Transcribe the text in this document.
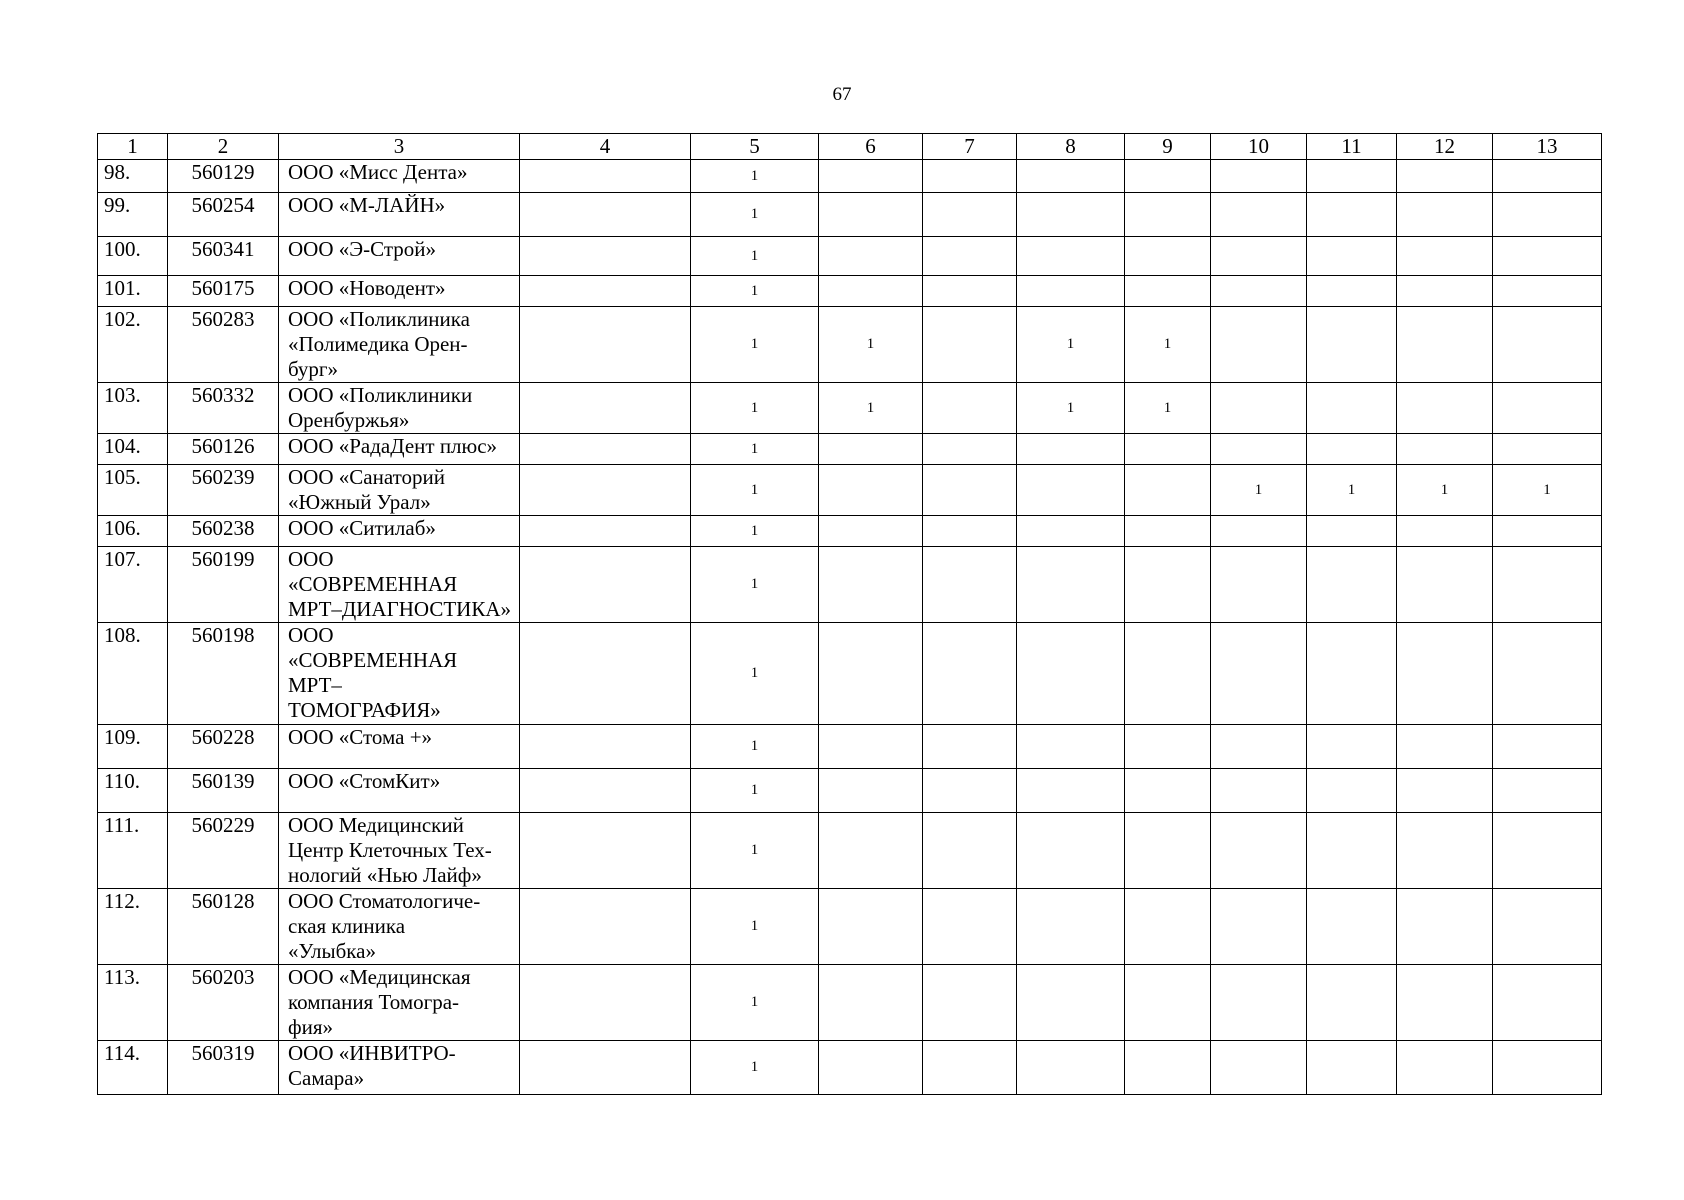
67
1	2	3	4	5	6	7	8	9	10	11	12	13
98.	560129	ООО «Мисс Дента»		1								
99.	560254	ООО «М-ЛАЙН»		1								
100.	560341	ООО «Э-Строй»		1								
101.	560175	ООО «Новодент»		1								
102.	560283	ООО «Поликлиника
«Полимедика Орен-
бург»		1	1		1	1				
103.	560332	ООО «Поликлиники
Оренбуржья»		1	1		1	1				
104.	560126	ООО «РадаДент плюс»		1								
105.	560239	ООО «Санаторий
«Южный Урал»		1					1	1	1	1
106.	560238	ООО «Ситилаб»		1								
107.	560199	ООО
«СОВРЕМЕННАЯ
МРТ–ДИАГНОСТИКА»		1								
108.	560198	ООО
«СОВРЕМЕННАЯ
МРТ–
ТОМОГРАФИЯ»		1								
109.	560228	ООО «Стома +»		1								
110.	560139	ООО «СтомКит»		1								
111.	560229	ООО Медицинский
Центр Клеточных Тех-
нологий «Нью Лайф»		1								
112.	560128	ООО Стоматологиче-
ская клиника
«Улыбка»		1								
113.	560203	ООО «Медицинская
компания Томогра-
фия»		1								
114.	560319	ООО «ИНВИТРО-
Самара»		1								
